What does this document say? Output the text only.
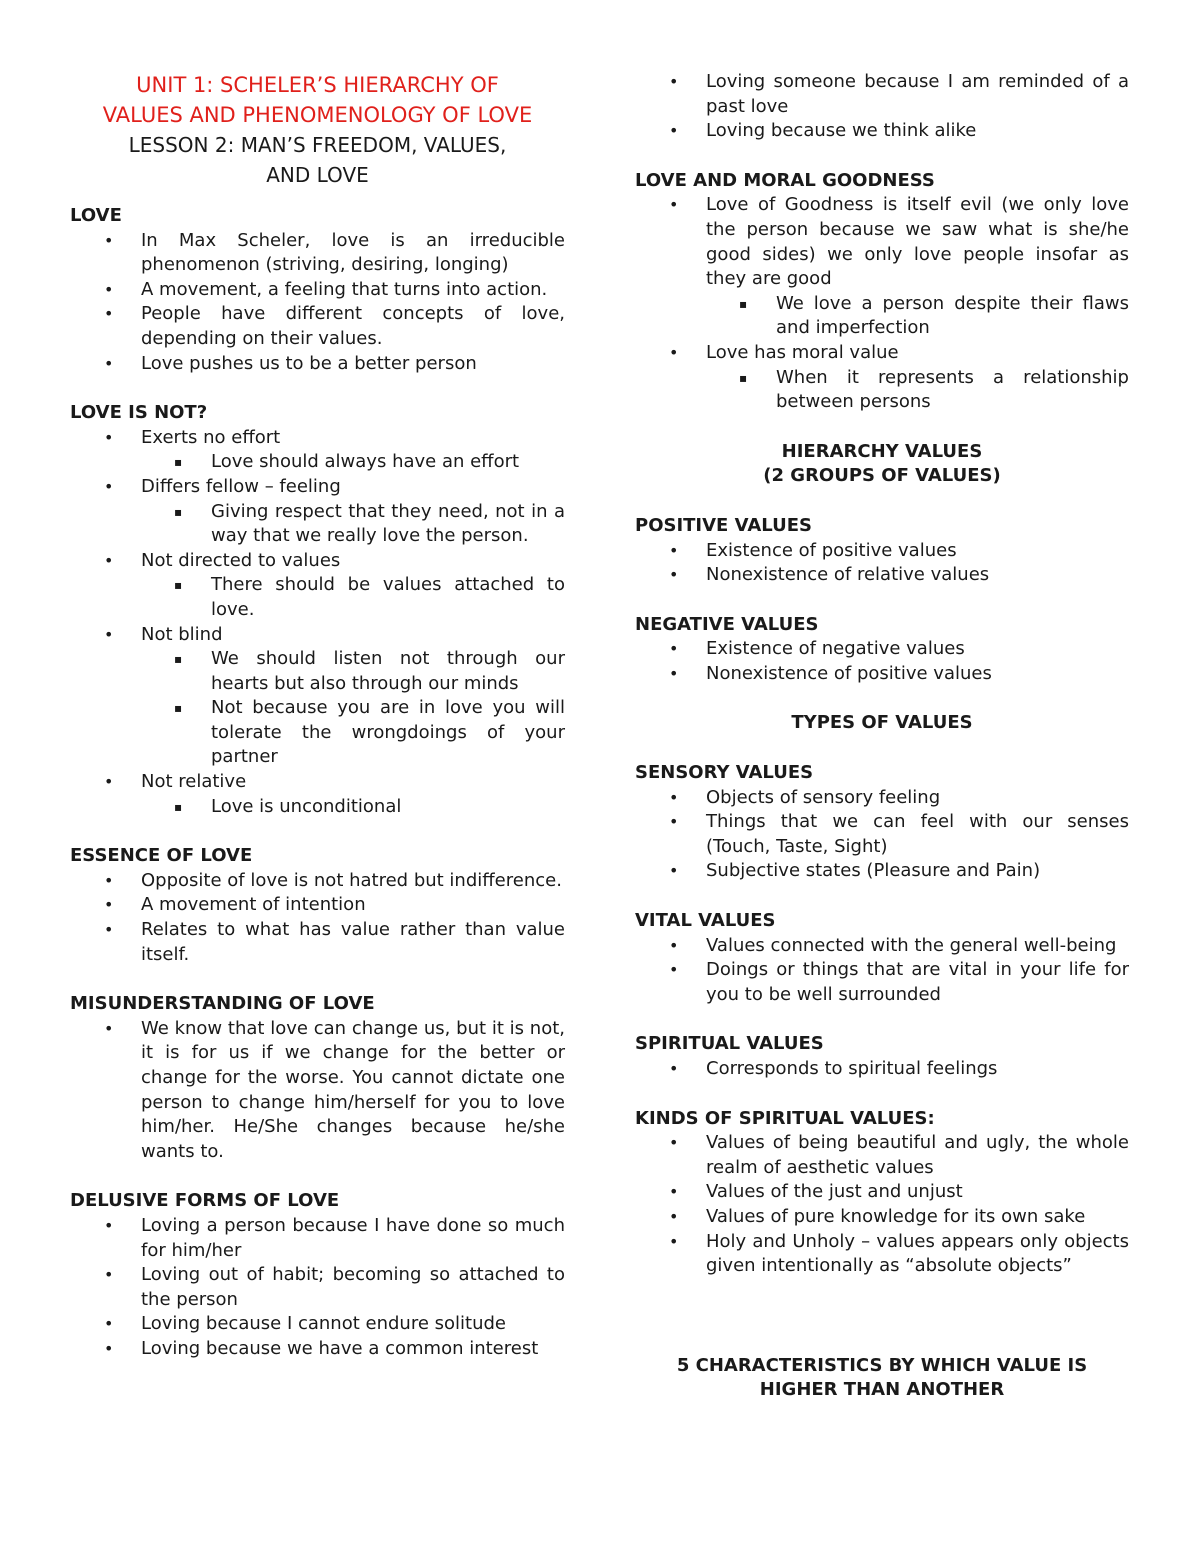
UNIT 1: SCHELER’S HIERARCHY OF

VALUES AND PHENOMENOLOGY OF LOVE

LESSON 2: MAN’S FREEDOM, VALUES,
AND LOVE

LOVE

• In Max Scheler, love is an irreducible phenomenon (striving, desiring, longing)
• A movement, a feeling that turns into action.
• People have different concepts of love, depending on their values.
• Love pushes us to be a better person

LOVE IS NOT?

• Exerts no effort
▪ Love should always have an effort
• Differs fellow – feeling
▪ Giving respect that they need, not in a way that we really love the person.
• Not directed to values
▪ There should be values attached to love.
• Not blind
▪ We should listen not through our hearts but also through our minds
▪ Not because you are in love you will tolerate the wrongdoings of your partner
• Not relative
▪ Love is unconditional

ESSENCE OF LOVE

• Opposite of love is not hatred but indifference.
• A movement of intention
• Relates to what has value rather than value itself.

MISUNDERSTANDING OF LOVE

• We know that love can change us, but it is not, it is for us if we change for the better or change for the worse. You cannot dictate one person to change him/herself for you to love him/her. He/She changes because he/she wants to.

DELUSIVE FORMS OF LOVE

• Loving a person because I have done so much for him/her
• Loving out of habit; becoming so attached to the person
• Loving because I cannot endure solitude
• Loving because we have a common interest
• Loving someone because I am reminded of a past love
• Loving because we think alike

LOVE AND MORAL GOODNESS

• Love of Goodness is itself evil (we only love the person because we saw what is she/he good sides) we only love people insofar as they are good
▪ We love a person despite their flaws and imperfection
• Love has moral value
▪ When it represents a relationship between persons

HIERARCHY VALUES
(2 GROUPS OF VALUES)

POSITIVE VALUES

• Existence of positive values
• Nonexistence of relative values

NEGATIVE VALUES

• Existence of negative values
• Nonexistence of positive values

TYPES OF VALUES

SENSORY VALUES

• Objects of sensory feeling
• Things that we can feel with our senses (Touch, Taste, Sight)
• Subjective states (Pleasure and Pain)

VITAL VALUES

• Values connected with the general well-being
• Doings or things that are vital in your life for you to be well surrounded

SPIRITUAL VALUES

• Corresponds to spiritual feelings

KINDS OF SPIRITUAL VALUES:

• Values of being beautiful and ugly, the whole realm of aesthetic values
• Values of the just and unjust
• Values of pure knowledge for its own sake
• Holy and Unholy – values appears only objects given intentionally as “absolute objects”

5 CHARACTERISTICS BY WHICH VALUE IS
HIGHER THAN ANOTHER
